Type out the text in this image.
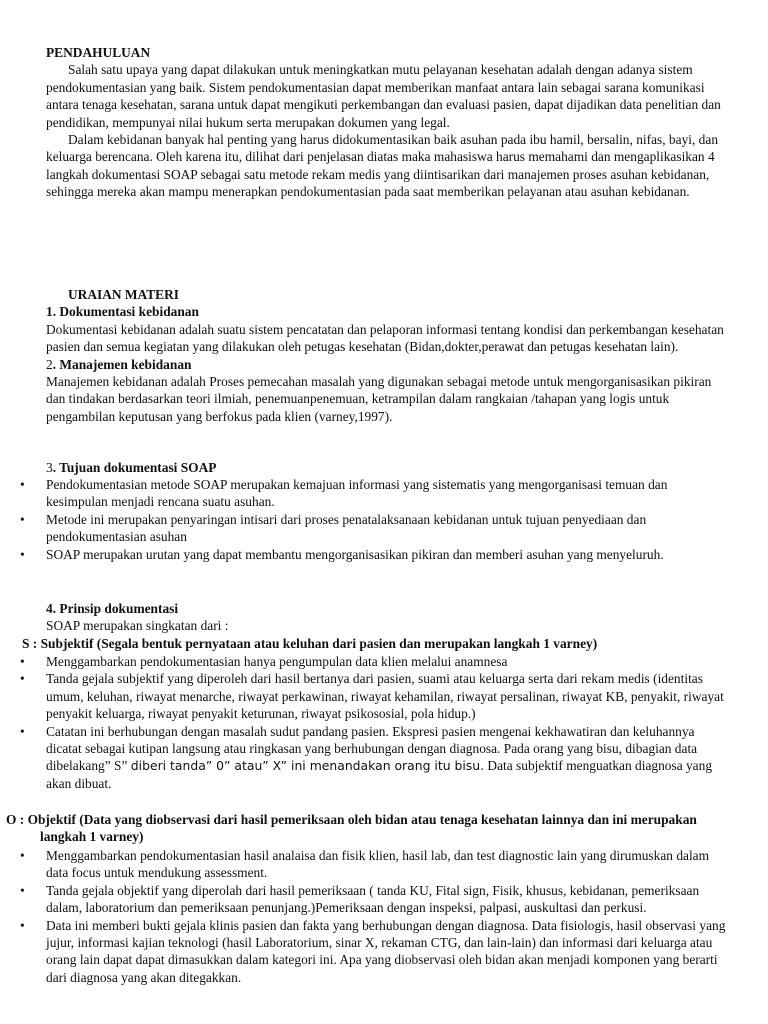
PENDAHULUAN

Salah satu upaya yang dapat dilakukan untuk meningkatkan mutu pelayanan kesehatan adalah dengan adanya sistem pendokumentasian yang baik. Sistem pendokumentasian dapat memberikan manfaat antara lain sebagai sarana komunikasi antara tenaga kesehatan, sarana untuk dapat mengikuti perkembangan dan evaluasi pasien, dapat dijadikan data penelitian dan pendidikan, mempunyai nilai hukum serta merupakan dokumen yang legal.

Dalam kebidanan banyak hal penting yang harus didokumentasikan baik asuhan pada ibu hamil, bersalin, nifas, bayi, dan keluarga berencana. Oleh karena itu, dilihat dari penjelasan diatas maka mahasiswa harus memahami dan mengaplikasikan 4 langkah dokumentasi SOAP sebagai satu metode rekam medis yang diintisarikan dari manajemen proses asuhan kebidanan, sehingga mereka akan mampu menerapkan pendokumentasian pada saat memberikan pelayanan atau asuhan kebidanan.

URAIAN MATERI

1. Dokumentasi kebidanan

Dokumentasi kebidanan adalah suatu sistem pencatatan dan pelaporan informasi tentang kondisi dan perkembangan kesehatan pasien dan semua kegiatan yang dilakukan oleh petugas kesehatan (Bidan,dokter,perawat dan petugas kesehatan lain).

2. Manajemen kebidanan

Manajemen kebidanan adalah Proses pemecahan masalah yang digunakan sebagai metode untuk mengorganisasikan pikiran dan tindakan berdasarkan teori ilmiah, penemuanpenemuan, ketrampilan dalam rangkaian /tahapan yang logis untuk pengambilan keputusan yang berfokus pada klien (varney,1997).

3. Tujuan dokumentasi SOAP

• Pendokumentasian metode SOAP merupakan kemajuan informasi yang sistematis yang mengorganisasi temuan dan kesimpulan menjadi rencana suatu asuhan.
• Metode ini merupakan penyaringan intisari dari proses penatalaksanaan kebidanan untuk tujuan penyediaan dan pendokumentasian asuhan
• SOAP merupakan urutan yang dapat membantu mengorganisasikan pikiran dan memberi asuhan yang menyeluruh.

4. Prinsip dokumentasi

SOAP merupakan singkatan dari :

S : Subjektif (Segala bentuk pernyataan atau keluhan dari pasien dan merupakan langkah 1 varney)

• Menggambarkan pendokumentasian hanya pengumpulan data klien melalui anamnesa
• Tanda gejala subjektif yang diperoleh dari hasil bertanya dari pasien, suami atau keluarga serta dari rekam medis (identitas umum, keluhan, riwayat menarche, riwayat perkawinan, riwayat kehamilan, riwayat persalinan, riwayat KB, penyakit, riwayat penyakit keluarga, riwayat penyakit keturunan, riwayat psikososial, pola hidup.)
• Catatan ini berhubungan dengan masalah sudut pandang pasien. Ekspresi pasien mengenai kekhawatiran dan keluhannya dicatat sebagai kutipan langsung atau ringkasan yang berhubungan dengan diagnosa. Pada orang yang bisu, dibagian data dibelakang” S” diberi tanda” 0” atau” X” ini menandakan orang itu bisu. Data subjektif menguatkan diagnosa yang akan dibuat.

O : Objektif (Data yang diobservasi dari hasil pemeriksaan oleh bidan atau tenaga kesehatan lainnya dan ini merupakan langkah 1 varney)

• Menggambarkan pendokumentasian hasil analaisa dan fisik klien, hasil lab, dan test diagnostic lain yang dirumuskan dalam data focus untuk mendukung assessment.
• Tanda gejala objektif yang diperolah dari hasil pemeriksaan ( tanda KU, Fital sign, Fisik, khusus, kebidanan, pemeriksaan dalam, laboratorium dan pemeriksaan penunjang.)Pemeriksaan dengan inspeksi, palpasi, auskultasi dan perkusi.
• Data ini memberi bukti gejala klinis pasien dan fakta yang berhubungan dengan diagnosa. Data fisiologis, hasil observasi yang jujur, informasi kajian teknologi (hasil Laboratorium, sinar X, rekaman CTG, dan lain-lain) dan informasi dari keluarga atau orang lain dapat dapat dimasukkan dalam kategori ini. Apa yang diobservasi oleh bidan akan menjadi komponen yang berarti dari diagnosa yang akan ditegakkan.
